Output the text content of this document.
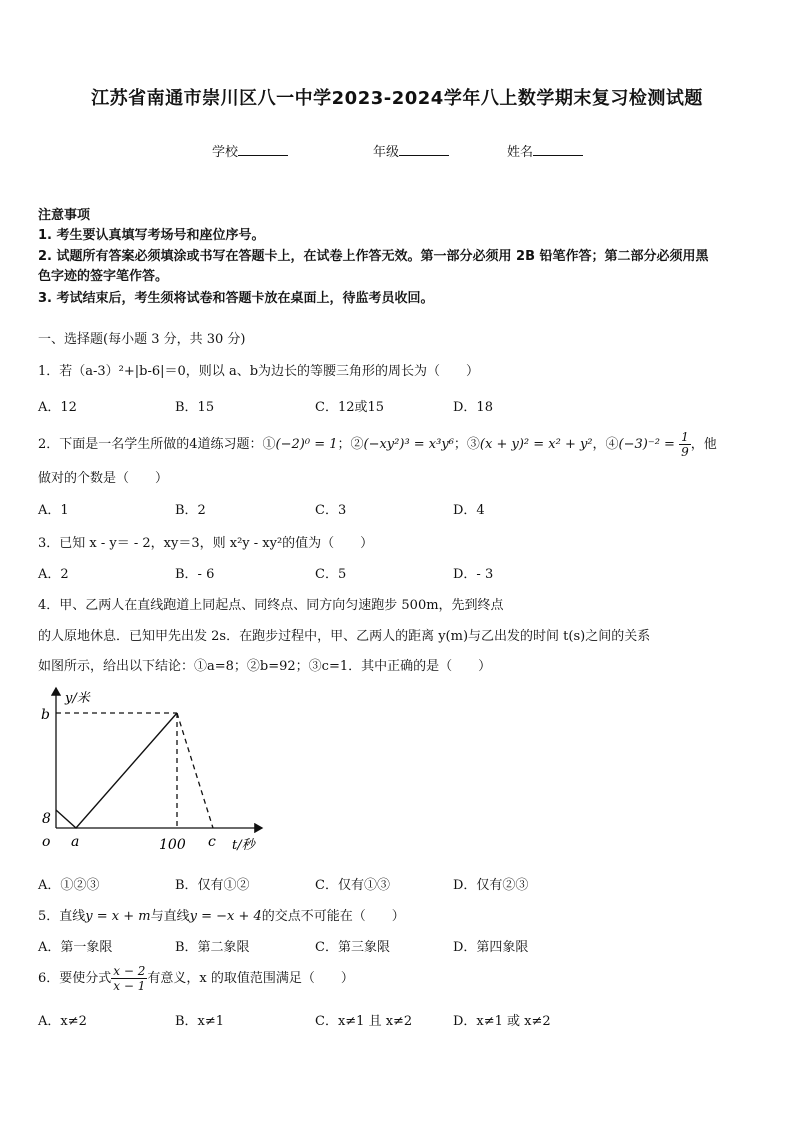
江苏省南通市崇川区八一中学2023-2024学年八上数学期末复习检测试题
学校	年级	姓名
注意事项
1. 考生要认真填写考场号和座位序号。
2. 试题所有答案必须填涂或书写在答题卡上，在试卷上作答无效。第一部分必须用 2B 铅笔作答；第二部分必须用黑
色字迹的签字笔作答。
3. 考试结束后，考生须将试卷和答题卡放在桌面上，待监考员收回。
一、选择题(每小题 3 分，共 30 分)
1．若（a-3）²+|b-6|＝0，则以 a、b为边长的等腰三角形的周长为（　　）
A．12	B．15	C．12或15	D．18
2．下面是一名学生所做的4道练习题：①(−2)⁰ = 1；②(−xy²)³ = x³y⁶；③(x + y)² = x² + y²，④(−3)⁻² = $\frac{1}{9}$ ，他
做对的个数是（　　）
A．1	B．2	C．3	D．4
3．已知 x - y＝ - 2，xy＝3，则 x²y - xy²的值为（　　）
A．2	B．- 6	C．5	D．- 3
4．甲、乙两人在直线跑道上同起点、同终点、同方向匀速跑步 500m，先到终点
的人原地休息．已知甲先出发 2s．在跑步过程中，甲、乙两人的距离 y(m)与乙出发的时间 t(s)之间的关系
如图所示，给出以下结论：①a=8；②b=92；③c=1．其中正确的是（　　）
y/米
b
8
o a	100 c t/秒
A．①②③	B．仅有①②	C．仅有①③	D．仅有②③
5．直线y = x + m与直线y = −x + 4的交点不可能在（　　）
A．第一象限	B．第二象限	C．第三象限	D．第四象限
6．要使分式 $\frac{x - 2}{x - 1}$ 有意义，x 的取值范围满足（　　）
A．x≠2	B．x≠1	C．x≠1 且 x≠2	D．x≠1 或 x≠2
